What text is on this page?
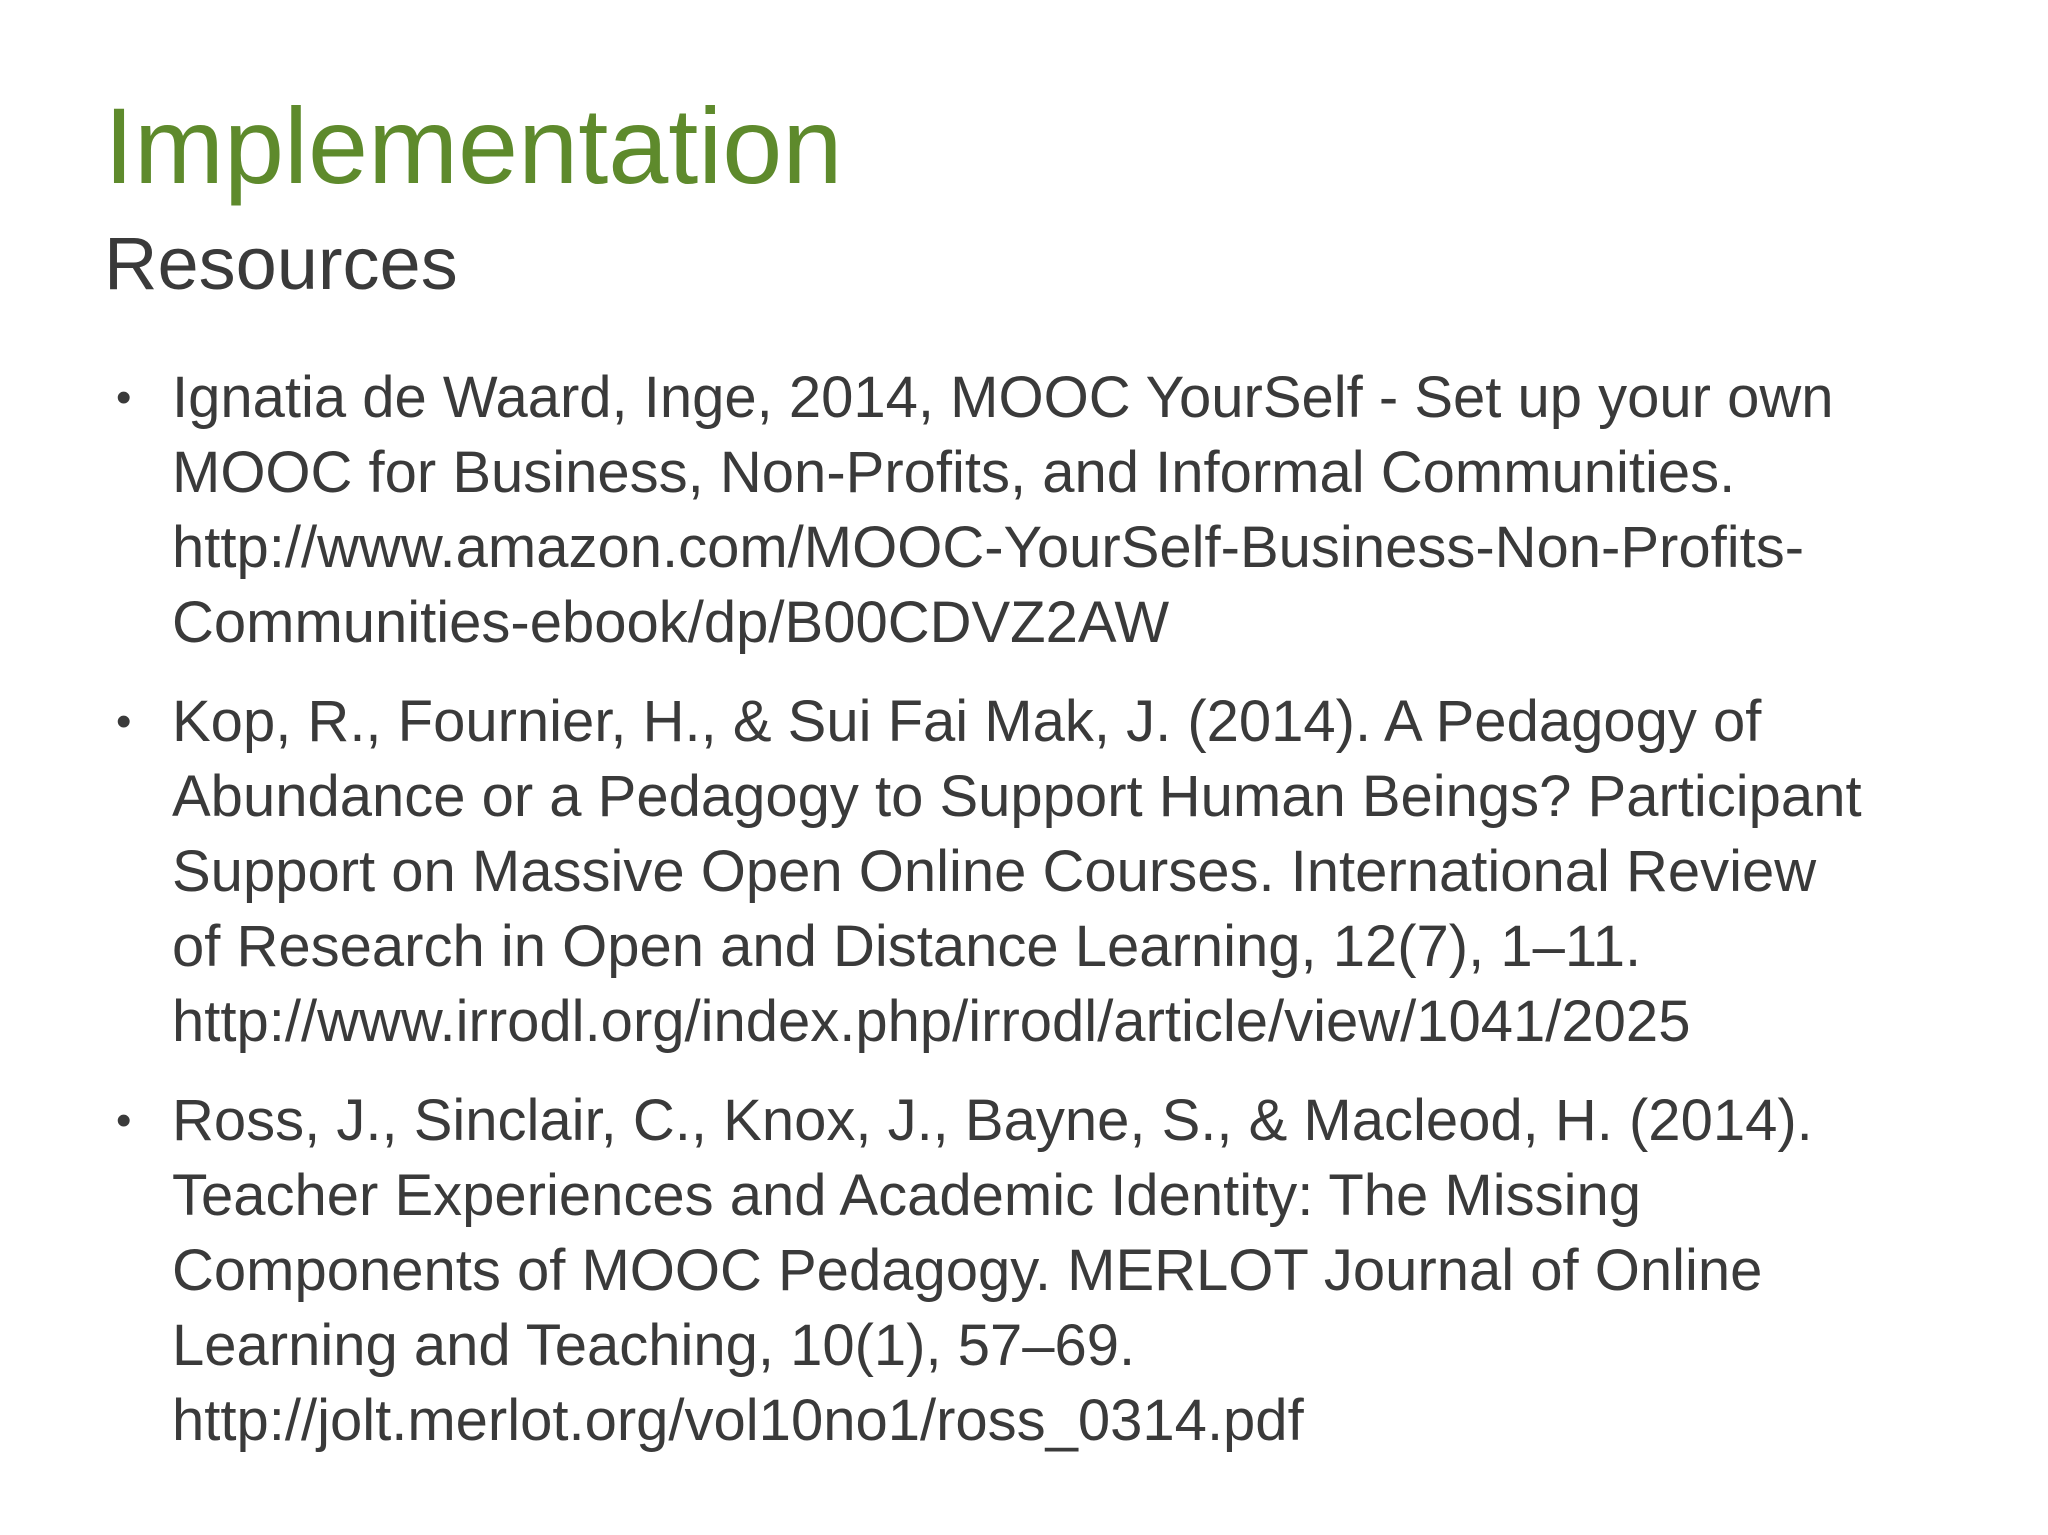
Implementation
Resources
• Ignatia de Waard, Inge, 2014, MOOC YourSelf - Set up your own
MOOC for Business, Non-Profits, and Informal Communities.
http://www.amazon.com/MOOC-YourSelf-Business-Non-Profits-
Communities-ebook/dp/B00CDVZ2AW
• Kop, R., Fournier, H., & Sui Fai Mak, J. (2014). A Pedagogy of
Abundance or a Pedagogy to Support Human Beings? Participant
Support on Massive Open Online Courses. International Review
of Research in Open and Distance Learning, 12(7), 1–11.
http://www.irrodl.org/index.php/irrodl/article/view/1041/2025
• Ross, J., Sinclair, C., Knox, J., Bayne, S., & Macleod, H. (2014).
Teacher Experiences and Academic Identity: The Missing
Components of MOOC Pedagogy. MERLOT Journal of Online
Learning and Teaching, 10(1), 57–69.
http://jolt.merlot.org/vol10no1/ross_0314.pdf
